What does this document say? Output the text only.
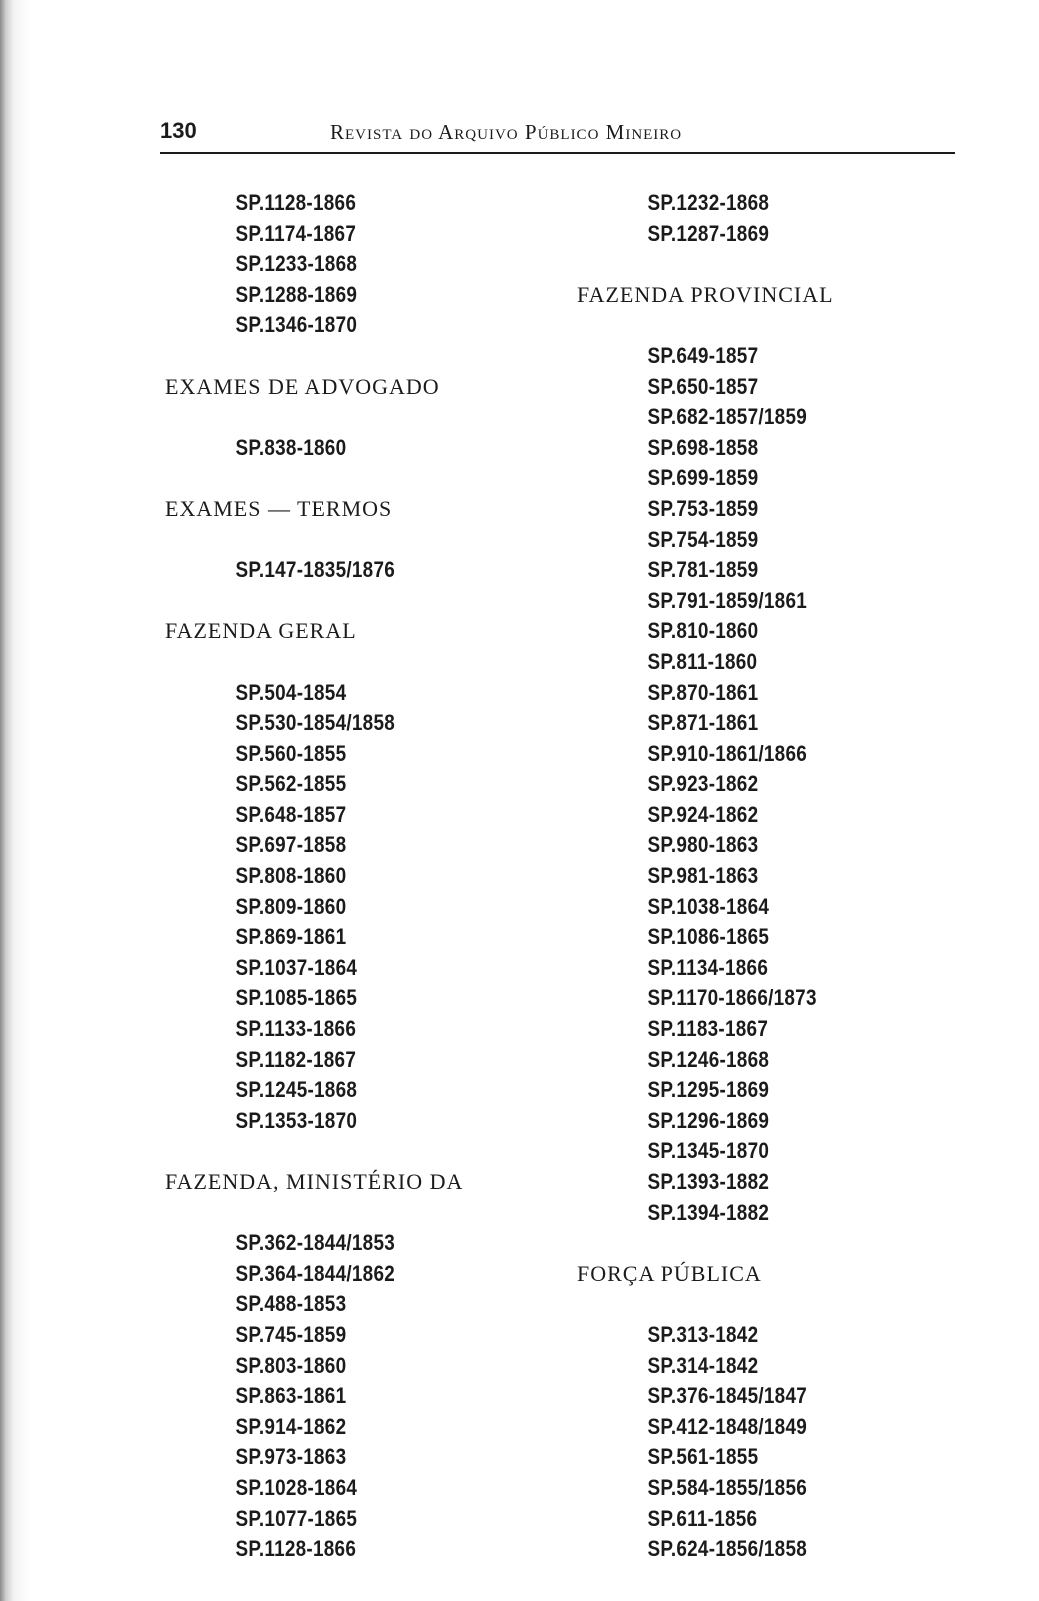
130	Revista do Arquivo Público Mineiro
SP.1128-1866
SP.1174-1867
SP.1233-1868
SP.1288-1869
SP.1346-1870
EXAMES DE ADVOGADO
SP.838-1860
EXAMES — TERMOS
SP.147-1835/1876
FAZENDA GERAL
SP.504-1854
SP.530-1854/1858
SP.560-1855
SP.562-1855
SP.648-1857
SP.697-1858
SP.808-1860
SP.809-1860
SP.869-1861
SP.1037-1864
SP.1085-1865
SP.1133-1866
SP.1182-1867
SP.1245-1868
SP.1353-1870
FAZENDA, MINISTÉRIO DA
SP.362-1844/1853
SP.364-1844/1862
SP.488-1853
SP.745-1859
SP.803-1860
SP.863-1861
SP.914-1862
SP.973-1863
SP.1028-1864
SP.1077-1865
SP.1128-1866
SP.1232-1868
SP.1287-1869
FAZENDA PROVINCIAL
SP.649-1857
SP.650-1857
SP.682-1857/1859
SP.698-1858
SP.699-1859
SP.753-1859
SP.754-1859
SP.781-1859
SP.791-1859/1861
SP.810-1860
SP.811-1860
SP.870-1861
SP.871-1861
SP.910-1861/1866
SP.923-1862
SP.924-1862
SP.980-1863
SP.981-1863
SP.1038-1864
SP.1086-1865
SP.1134-1866
SP.1170-1866/1873
SP.1183-1867
SP.1246-1868
SP.1295-1869
SP.1296-1869
SP.1345-1870
SP.1393-1882
SP.1394-1882
FORÇA PÚBLICA
SP.313-1842
SP.314-1842
SP.376-1845/1847
SP.412-1848/1849
SP.561-1855
SP.584-1855/1856
SP.611-1856
SP.624-1856/1858
